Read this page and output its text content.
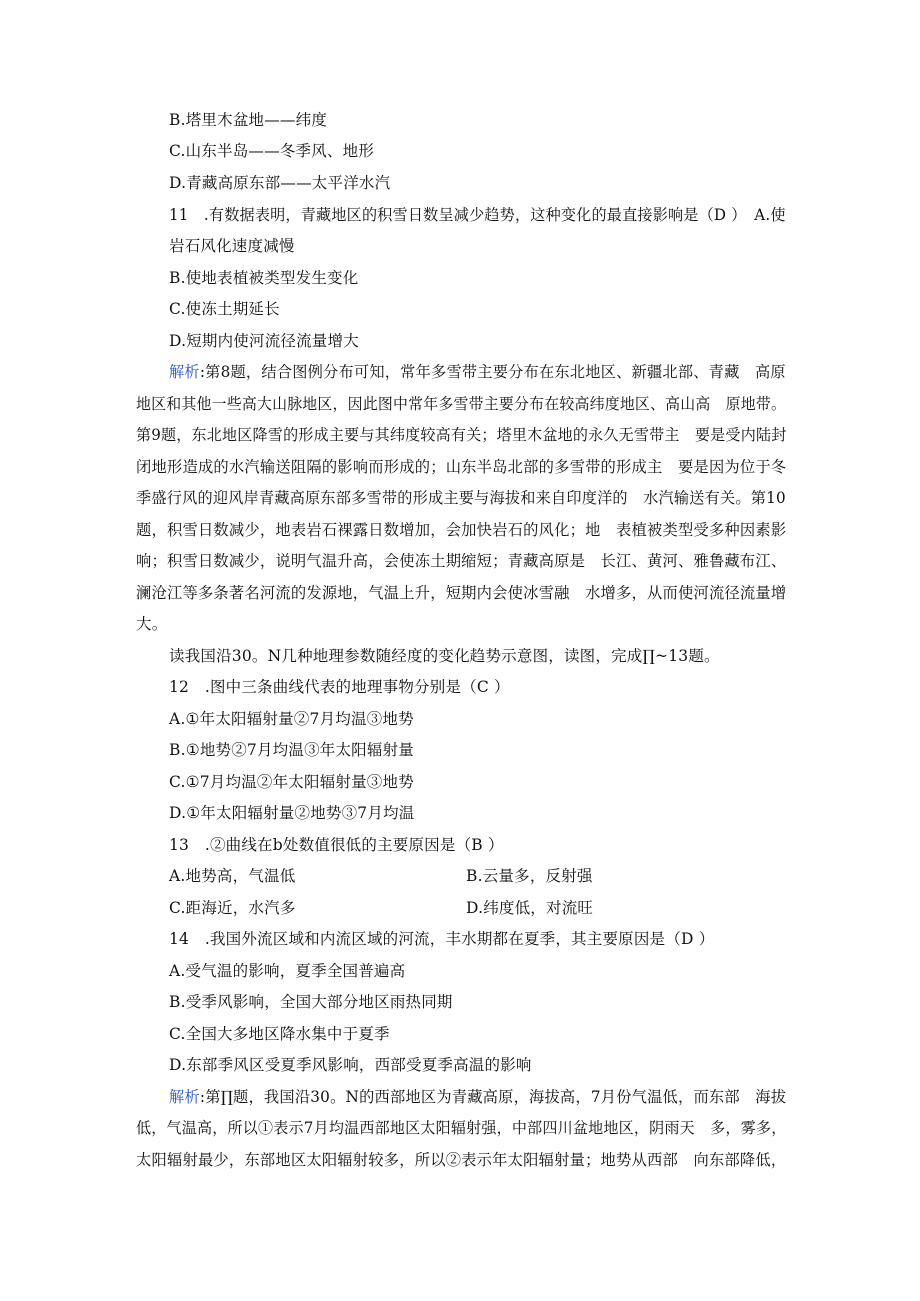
B.塔里木盆地——纬度
C.山东半岛——冬季风、地形
D.青藏高原东部——太平洋水汽
11　.有数据表明，青藏地区的积雪日数呈减少趋势，这种变化的最直接影响是（D ）　A.使
岩石风化速度减慢
B.使地表植被类型发生变化
C.使冻土期延长
D.短期内使河流径流量增大
解析:第8题，结合图例分布可知，常年多雪带主要分布在东北地区、新疆北部、青藏　高原
地区和其他一些高大山脉地区，因此图中常年多雪带主要分布在较高纬度地区、高山高　原地带。
第9题，东北地区降雪的形成主要与其纬度较高有关；塔里木盆地的永久无雪带主　要是受内陆封
闭地形造成的水汽输送阻隔的影响而形成的；山东半岛北部的多雪带的形成主　要是因为位于冬
季盛行风的迎风岸青藏高原东部多雪带的形成主要与海拔和来自印度洋的　水汽输送有关。第10
题，积雪日数减少，地表岩石裸露日数增加，会加快岩石的风化；地　表植被类型受多种因素影
响；积雪日数减少，说明气温升高，会使冻土期缩短；青藏高原是　长江、黄河、雅鲁藏布江、
澜沧江等多条著名河流的发源地，气温上升，短期内会使冰雪融　水增多，从而使河流径流量增
大。
读我国沿30。N几种地理参数随经度的变化趋势示意图，读图，完成∏~13题。
12　.图中三条曲线代表的地理事物分别是（C ）
A.①年太阳辐射量②7月均温③地势
B.①地势②7月均温③年太阳辐射量
C.①7月均温②年太阳辐射量③地势
D.①年太阳辐射量②地势③7月均温
13　.②曲线在b处数值很低的主要原因是（B ）
A.地势高，气温低	B.云量多，反射强
C.距海近，水汽多	D.纬度低，对流旺
14　.我国外流区域和内流区域的河流，丰水期都在夏季，其主要原因是（D ）
A.受气温的影响，夏季全国普遍高
B.受季风影响，全国大部分地区雨热同期
C.全国大多地区降水集中于夏季
D.东部季风区受夏季风影响，西部受夏季高温的影响
解析:第∏题，我国沿30。N的西部地区为青藏高原，海拔高，7月份气温低，而东部　海拔
低，气温高，所以①表示7月均温西部地区太阳辐射强，中部四川盆地地区，阴雨天　多，雾多，
太阳辐射最少，东部地区太阳辐射较多，所以②表示年太阳辐射量；地势从西部　向东部降低，
